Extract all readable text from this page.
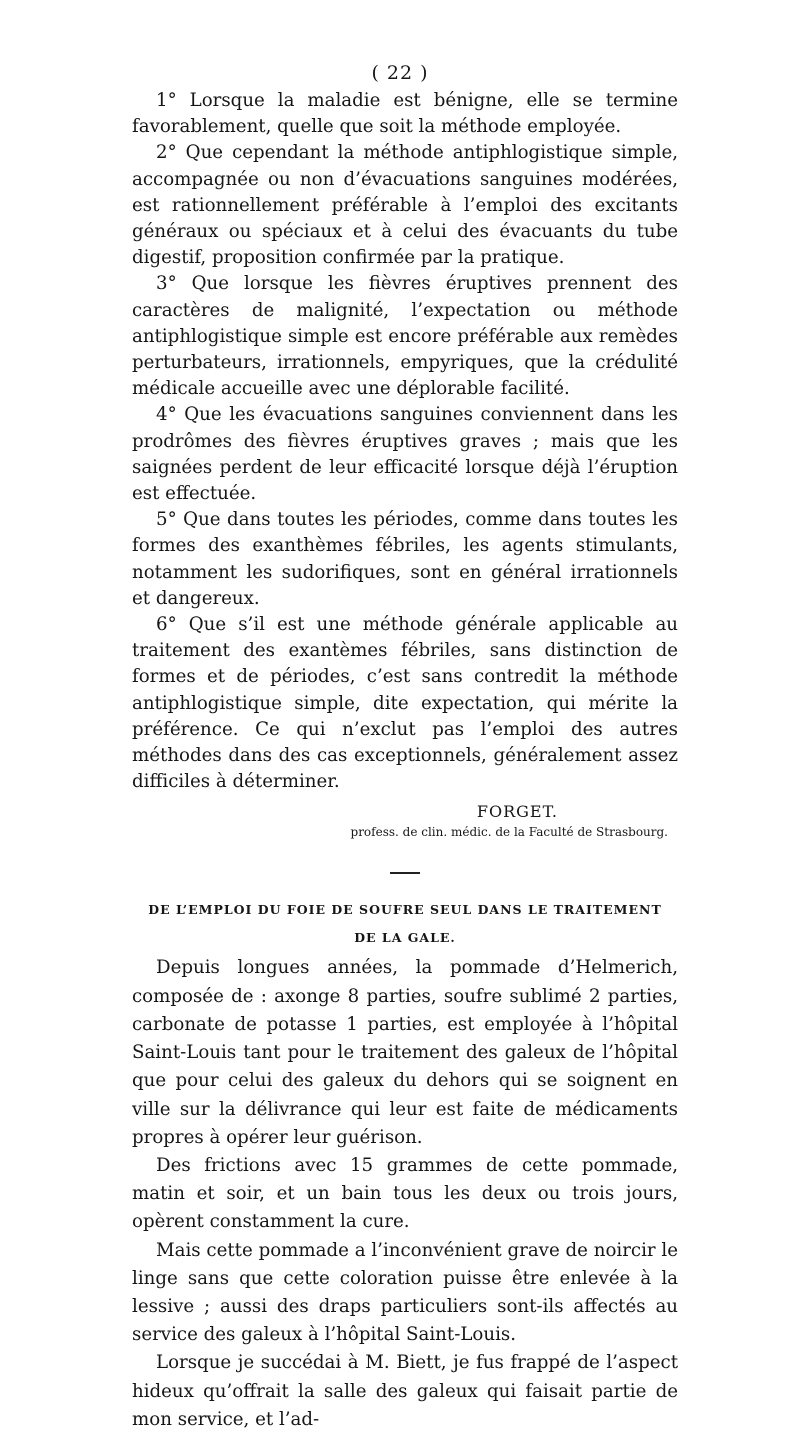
( 22 )

1° Lorsque la maladie est bénigne, elle se termine favorablement, quelle que soit la méthode employée.

2° Que cependant la méthode antiphlogistique simple, accompagnée ou non d’évacuations sanguines modérées, est rationnellement préférable à l’emploi des excitants généraux ou spéciaux et à celui des évacuants du tube digestif, proposition confirmée par la pratique.

3° Que lorsque les fièvres éruptives prennent des caractères de malignité, l’expectation ou méthode antiphlogistique simple est encore préférable aux remèdes perturbateurs, irrationnels, empyriques, que la crédulité médicale accueille avec une déplorable facilité.

4° Que les évacuations sanguines conviennent dans les prodrômes des fièvres éruptives graves ; mais que les saignées perdent de leur efficacité lorsque déjà l’éruption est effectuée.

5° Que dans toutes les périodes, comme dans toutes les formes des exanthèmes fébriles, les agents stimulants, notamment les sudorifiques, sont en général irrationnels et dangereux.

6° Que s’il est une méthode générale applicable au traitement des exantèmes fébriles, sans distinction de formes et de périodes, c’est sans contredit la méthode antiphlogistique simple, dite expectation, qui mérite la préférence. Ce qui n’exclut pas l’emploi des autres méthodes dans des cas exceptionnels, généralement assez difficiles à déterminer.

FORGET.
profess. de clin. médic. de la Faculté de Strasbourg.
DE L’EMPLOI DU FOIE DE SOUFRE SEUL DANS LE TRAITEMENT
DE LA GALE.

Depuis longues années, la pommade d’Helmerich, composée de : axonge 8 parties, soufre sublimé 2 parties, carbonate de potasse 1 parties, est employée à l’hôpital Saint-Louis tant pour le traitement des galeux de l’hôpital que pour celui des galeux du dehors qui se soignent en ville sur la délivrance qui leur est faite de médicaments propres à opérer leur guérison.

Des frictions avec 15 grammes de cette pommade, matin et soir, et un bain tous les deux ou trois jours, opèrent constamment la cure.

Mais cette pommade a l’inconvénient grave de noircir le linge sans que cette coloration puisse être enlevée à la lessive ; aussi des draps particuliers sont-ils affectés au service des galeux à l’hôpital Saint-Louis.

Lorsque je succédai à M. Biett, je fus frappé de l’aspect hideux qu’offrait la salle des galeux qui faisait partie de mon service, et l’ad-
